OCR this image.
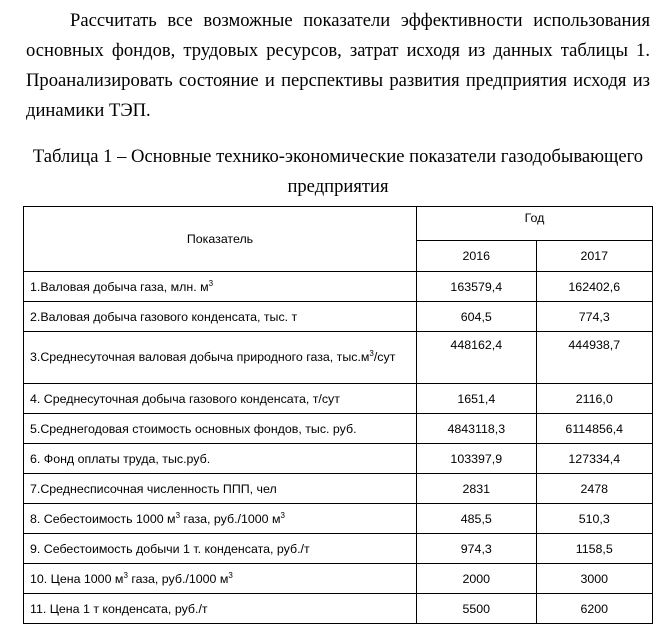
Рассчитать все возможные показатели эффективности использования основных фондов, трудовых ресурсов, затрат исходя из данных таблицы 1. Проанализировать состояние и перспективы развития предприятия исходя из динамики ТЭП.

Таблица 1 – Основные технико-экономические показатели газодобывающего

предприятия

Показатель	Год	
	2016	2017
1.Валовая добыча газа, млн. $м^3$	163579,4	162402,6
2.Валовая добыча газового конденсата, тыс. т	604,5	774,3
3.Среднесуточная валовая добыча природного газа, $тыс.м^3$/сут	448162,4	444938,7
4. Среднесуточная добыча газового конденсата, т/сут	1651,4	2116,0
5.Среднегодовая стоимость основных фондов, тыс. руб.	4843118,3	6114856,4
6. Фонд оплаты труда, тыс.руб.	103397,9	127334,4
7.Среднесписочная численность ППП, чел	2831	2478
8. Себестоимость 1000 $м^3$ газа, руб./1000 $м^3$	485,5	510,3
9. Себестоимость добычи 1 т. конденсата, руб./т	974,3	1158,5
10. Цена 1000 $м^3$ газа, руб./1000 $м^3$	2000	3000
11. Цена 1 т конденсата, руб./т	5500	6200
